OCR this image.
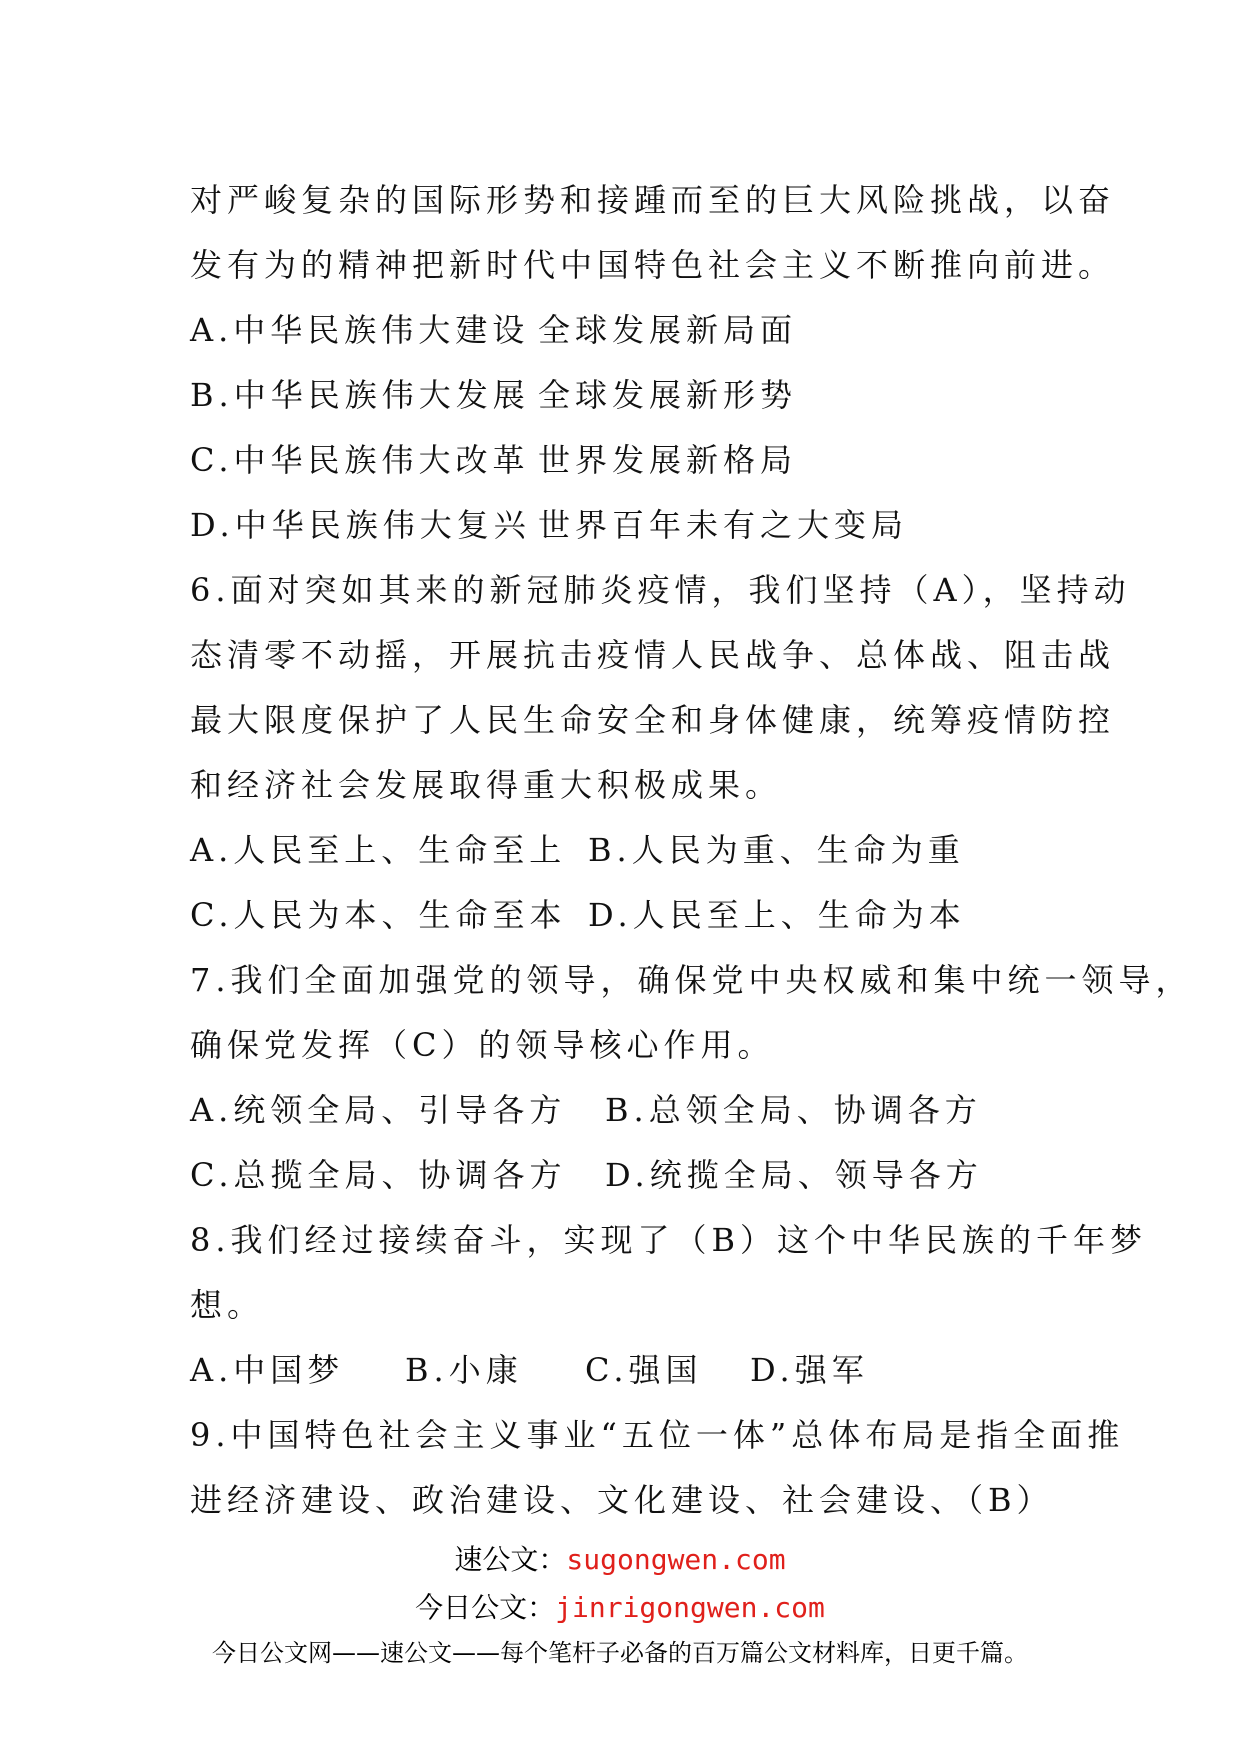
对严峻复杂的国际形势和接踵而至的巨大风险挑战，以奋
发有为的精神把新时代中国特色社会主义不断推向前进。
A.中华民族伟大建设 全球发展新局面
B.中华民族伟大发展 全球发展新形势
C.中华民族伟大改革 世界发展新格局
D.中华民族伟大复兴 世界百年未有之大变局
6.面对突如其来的新冠肺炎疫情，我们坚持（A），坚持动
态清零不动摇，开展抗击疫情人民战争、总体战、阻击战
最大限度保护了人民生命安全和身体健康，统筹疫情防控
和经济社会发展取得重大积极成果。
A.人民至上、生命至上 B.人民为重、生命为重
C.人民为本、生命至本 D.人民至上、生命为本
7.我们全面加强党的领导，确保党中央权威和集中统一领导，
确保党发挥（C）的领导核心作用。
A.统领全局、引导各方 B.总领全局、协调各方
C.总揽全局、协调各方 D.统揽全局、领导各方
8.我们经过接续奋斗，实现了（B）这个中华民族的千年梦
想。
A.中国梦 B.小康 C.强国 D.强军
9.中国特色社会主义事业“五位一体”总体布局是指全面推
进经济建设、政治建设、文化建设、社会建设、（B）
速公文：sugongwen.com
今日公文：jinrigongwen.com
今日公文网——速公文——每个笔杆子必备的百万篇公文材料库，日更千篇。
